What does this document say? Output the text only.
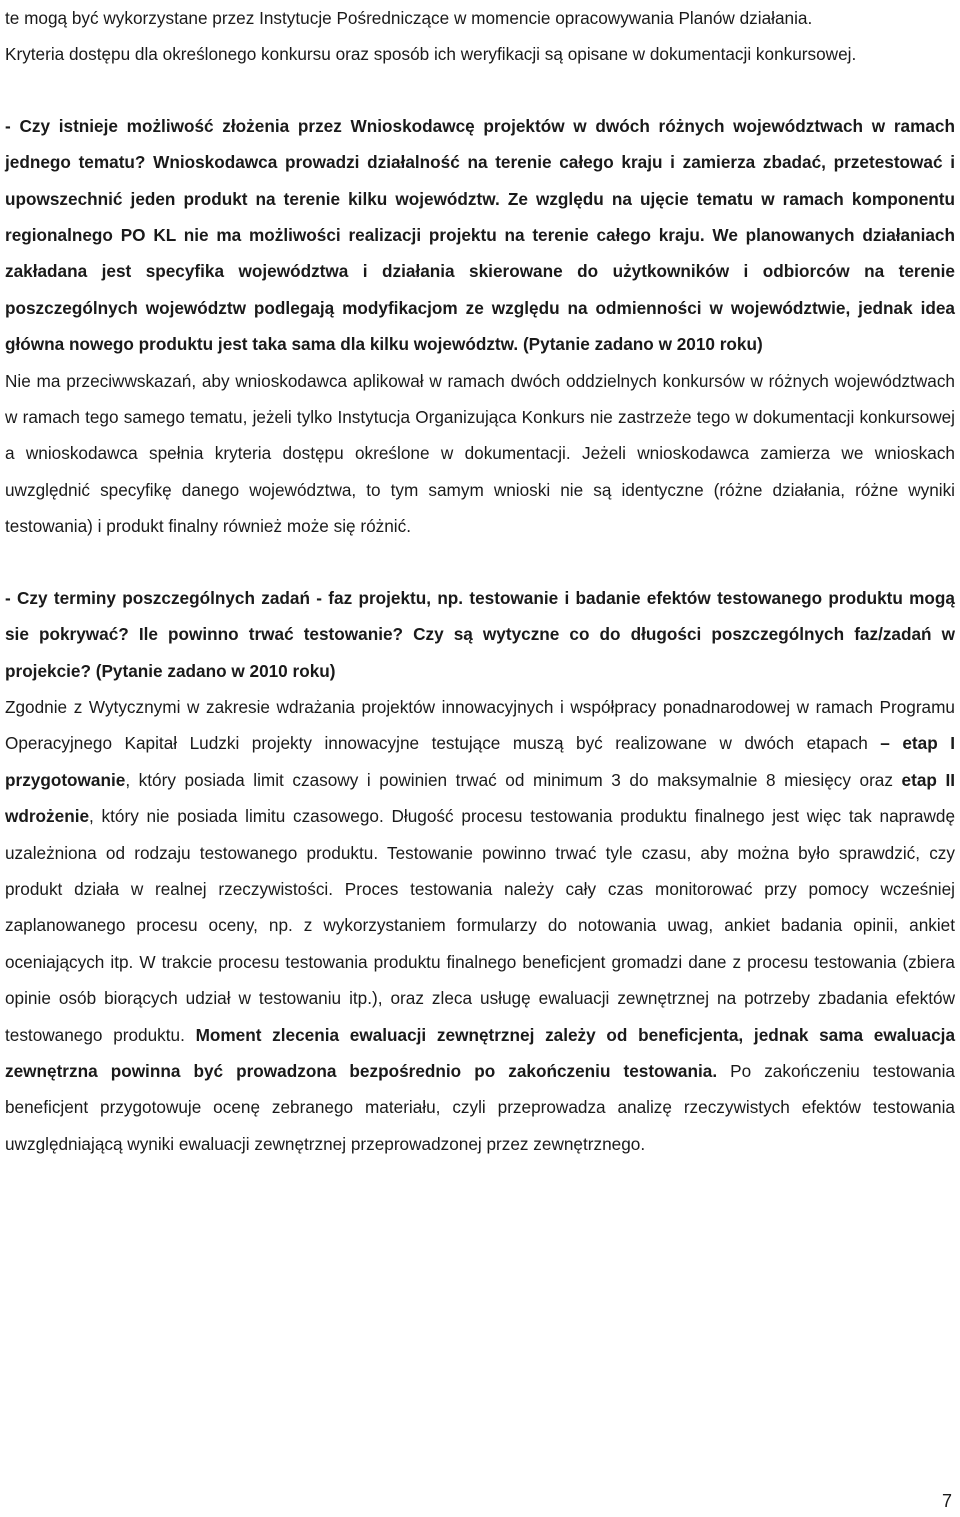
te mogą być wykorzystane przez Instytucje Pośredniczące w momencie opracowywania Planów działania.

Kryteria dostępu dla określonego konkursu oraz sposób ich weryfikacji są opisane w dokumentacji konkursowej.

- Czy istnieje możliwość złożenia przez Wnioskodawcę projektów w dwóch różnych województwach w ramach jednego tematu? Wnioskodawca prowadzi działalność na terenie całego kraju i zamierza zbadać, przetestować i upowszechnić jeden produkt na terenie kilku województw. Ze względu na ujęcie tematu w ramach komponentu regionalnego PO KL nie ma możliwości realizacji projektu na terenie całego kraju. We planowanych działaniach zakładana jest specyfika województwa i działania skierowane do użytkowników i odbiorców na terenie poszczególnych województw podlegają modyfikacjom ze względu na odmienności w województwie, jednak idea główna nowego produktu jest taka sama dla kilku województw. (Pytanie zadano w 2010 roku)

Nie ma przeciwwskazań, aby wnioskodawca aplikował w ramach dwóch oddzielnych konkursów w różnych województwach w ramach tego samego tematu, jeżeli tylko Instytucja Organizująca Konkurs nie zastrzeże tego w dokumentacji konkursowej a wnioskodawca spełnia kryteria dostępu określone w dokumentacji. Jeżeli wnioskodawca zamierza we wnioskach uwzględnić specyfikę danego województwa, to tym samym wnioski nie są identyczne (różne działania, różne wyniki testowania) i produkt finalny również może się różnić.

- Czy terminy poszczególnych zadań - faz projektu, np. testowanie i badanie efektów testowanego produktu mogą sie pokrywać? Ile powinno trwać testowanie? Czy są wytyczne co do długości poszczególnych faz/zadań w projekcie? (Pytanie zadano w 2010 roku)

Zgodnie z Wytycznymi w zakresie wdrażania projektów innowacyjnych i współpracy ponadnarodowej w ramach Programu Operacyjnego Kapitał Ludzki projekty innowacyjne testujące muszą być realizowane w dwóch etapach – etap I przygotowanie, który posiada limit czasowy i powinien trwać od minimum 3 do maksymalnie 8 miesięcy oraz etap II wdrożenie, który nie posiada limitu czasowego. Długość procesu testowania produktu finalnego jest więc tak naprawdę uzależniona od rodzaju testowanego produktu. Testowanie powinno trwać tyle czasu, aby można było sprawdzić, czy produkt działa w realnej rzeczywistości. Proces testowania należy cały czas monitorować przy pomocy wcześniej zaplanowanego procesu oceny, np. z wykorzystaniem formularzy do notowania uwag, ankiet badania opinii, ankiet oceniających itp. W trakcie procesu testowania produktu finalnego beneficjent gromadzi dane z procesu testowania (zbiera opinie osób biorących udział w testowaniu itp.), oraz zleca usługę ewaluacji zewnętrznej na potrzeby zbadania efektów testowanego produktu. Moment zlecenia ewaluacji zewnętrznej zależy od beneficjenta, jednak sama ewaluacja zewnętrzna powinna być prowadzona bezpośrednio po zakończeniu testowania. Po zakończeniu testowania beneficjent przygotowuje ocenę zebranego materiału, czyli przeprowadza analizę rzeczywistych efektów testowania uwzględniającą wyniki ewaluacji zewnętrznej przeprowadzonej przez zewnętrznego.

7
